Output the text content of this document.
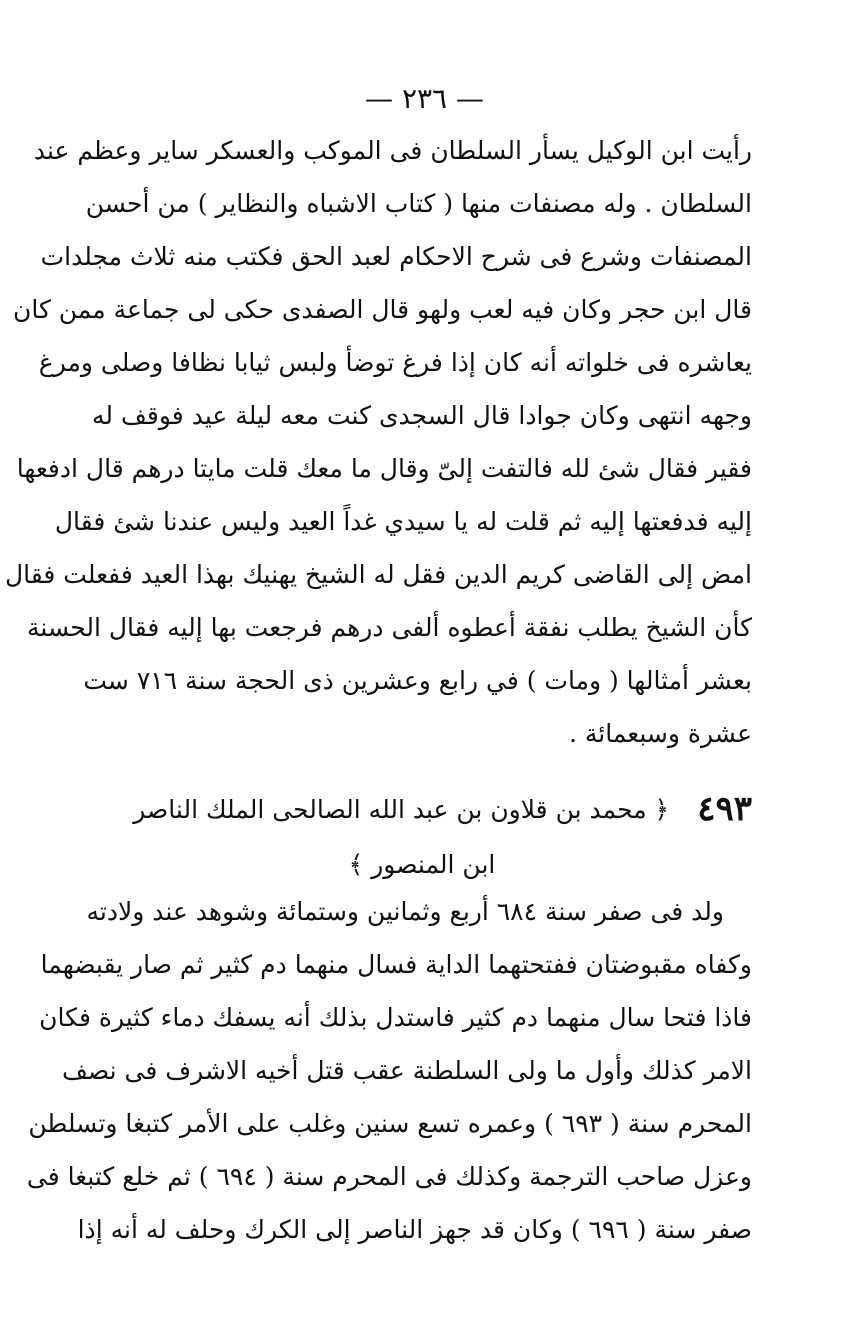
— ٢٣٦ —
رأيت ابن الوكيل يسأر السلطان فى الموكب والعسكر ساير وعظم عند
السلطان . وله مصنفات منها ( كتاب الاشباه والنظاير ) من أحسن
المصنفات وشرع فى شرح الاحكام لعبد الحق فكتب منه ثلاث مجلدات
قال ابن حجر وكان فيه لعب ولهو قال الصفدى حكى لى جماعة ممن كان
يعاشره فى خلواته أنه كان إذا فرغ توضأ ولبس ثيابا نظافا وصلى ومرغ
وجهه انتهى وكان جوادا قال السجدى كنت معه ليلة عيد فوقف له
فقير فقال شئ لله فالتفت إلىّ وقال ما معك قلت مايتا درهم قال ادفعها
إليه فدفعتها إليه ثم قلت له يا سيدي غداً العيد وليس عندنا شئ فقال
امض إلى القاضى كريم الدين فقل له الشيخ يهنيك بهذا العيد ففعلت فقال
كأن الشيخ يطلب نفقة أعطوه ألفى درهم فرجعت بها إليه فقال الحسنة
بعشر أمثالها ( ومات ) في رابع وعشرين ذى الحجة سنة ٧١٦ ست
عشرة وسبعمائة .
٤٩٣
﴿ محمد بن قلاون بن عبد الله الصالحى الملك الناصر
ابن المنصور ﴾
ولد فى صفر سنة ٦٨٤ أربع وثمانين وستمائة وشوهد عند ولادته
وكفاه مقبوضتان ففتحتهما الداية فسال منهما دم كثير ثم صار يقبضهما
فاذا فتحا سال منهما دم كثير فاستدل بذلك أنه يسفك دماء كثيرة فكان
الامر كذلك وأول ما ولى السلطنة عقب قتل أخيه الاشرف فى نصف
المحرم سنة ( ٦٩٣ ) وعمره تسع سنين وغلب على الأمر كتبغا وتسلطن
وعزل صاحب الترجمة وكذلك فى المحرم سنة ( ٦٩٤ ) ثم خلع كتبغا فى
صفر سنة ( ٦٩٦ ) وكان قد جهز الناصر إلى الكرك وحلف له أنه إذا
